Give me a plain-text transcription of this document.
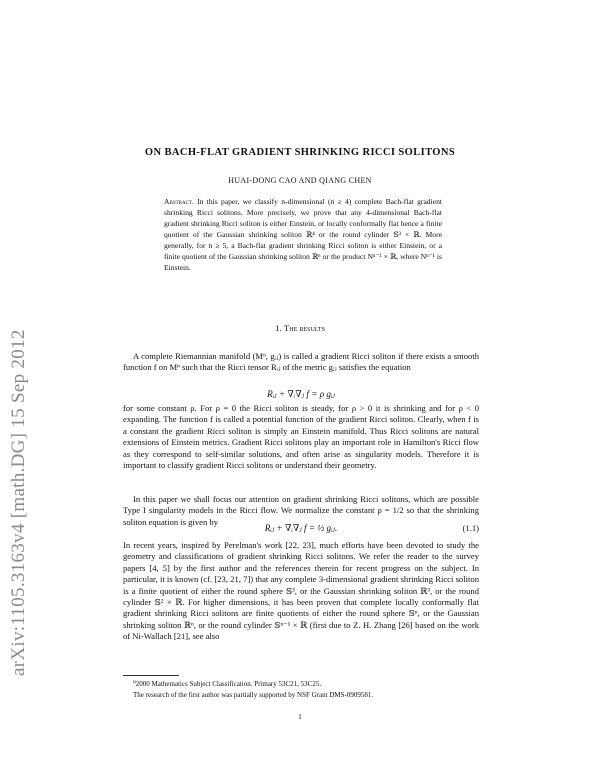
arXiv:1105.3163v4 [math.DG] 15 Sep 2012
ON BACH-FLAT GRADIENT SHRINKING RICCI SOLITONS
HUAI-DONG CAO AND QIANG CHEN
Abstract. In this paper, we classify n-dimensional (n ≥ 4) complete Bach-flat gradient shrinking Ricci solitons. More precisely, we prove that any 4-dimensional Bach-flat gradient shrinking Ricci soliton is either Einstein, or locally conformally flat hence a finite quotient of the Gaussian shrinking soliton ℝ⁴ or the round cylinder 𝕊³ × ℝ. More generally, for n ≥ 5, a Bach-flat gradient shrinking Ricci soliton is either Einstein, or a finite quotient of the Gaussian shrinking soliton ℝⁿ or the product Nⁿ⁻¹ × ℝ, where Nⁿ⁻¹ is Einstein.
1. The results
A complete Riemannian manifold (Mⁿ, gᵢⱼ) is called a gradient Ricci soliton if there exists a smooth function f on Mⁿ such that the Ricci tensor Rᵢⱼ of the metric gᵢⱼ satisfies the equation
Rᵢⱼ + ∇ᵢ∇ⱼ f = ρ gᵢⱼ
for some constant ρ. For ρ = 0 the Ricci soliton is steady, for ρ > 0 it is shrinking and for ρ < 0 expanding. The function f is called a potential function of the gradient Ricci soliton. Clearly, when f is a constant the gradient Ricci soliton is simply an Einstein manifold. Thus Ricci solitons are natural extensions of Einstein metrics. Gradient Ricci solitons play an important role in Hamilton's Ricci flow as they correspond to self-similar solutions, and often arise as singularity models. Therefore it is important to classify gradient Ricci solitons or understand their geometry.
In this paper we shall focus our attention on gradient shrinking Ricci solitons, which are possible Type I singularity models in the Ricci flow. We normalize the constant ρ = 1/2 so that the shrinking soliton equation is given by
Rᵢⱼ + ∇ᵢ∇ⱼ f = ½ gᵢⱼ.	(1.1)
In recent years, inspired by Perelman's work [22, 23], much efforts have been devoted to study the geometry and classifications of gradient shrinking Ricci solitons. We refer the reader to the survey papers [4, 5] by the first author and the references therein for recent progress on the subject. In particular, it is known (cf. [23, 21, 7]) that any complete 3-dimensional gradient shrinking Ricci soliton is a finite quotient of either the round sphere 𝕊³, or the Gaussian shrinking soliton ℝ³, or the round cylinder 𝕊² × ℝ. For higher dimensions, it has been proven that complete locally conformally flat gradient shrinking Ricci solitons are finite quotients of either the round sphere 𝕊ⁿ, or the Gaussian shrinking soliton ℝⁿ, or the round cylinder 𝕊ⁿ⁻¹ × ℝ (first due to Z. H. Zhang [26] based on the work of Ni-Wallach [21], see also
⁰2000 Mathematics Subject Classification. Primary 53C21, 53C25.
The research of the first author was partially supported by NSF Grant DMS-0909581.
1
